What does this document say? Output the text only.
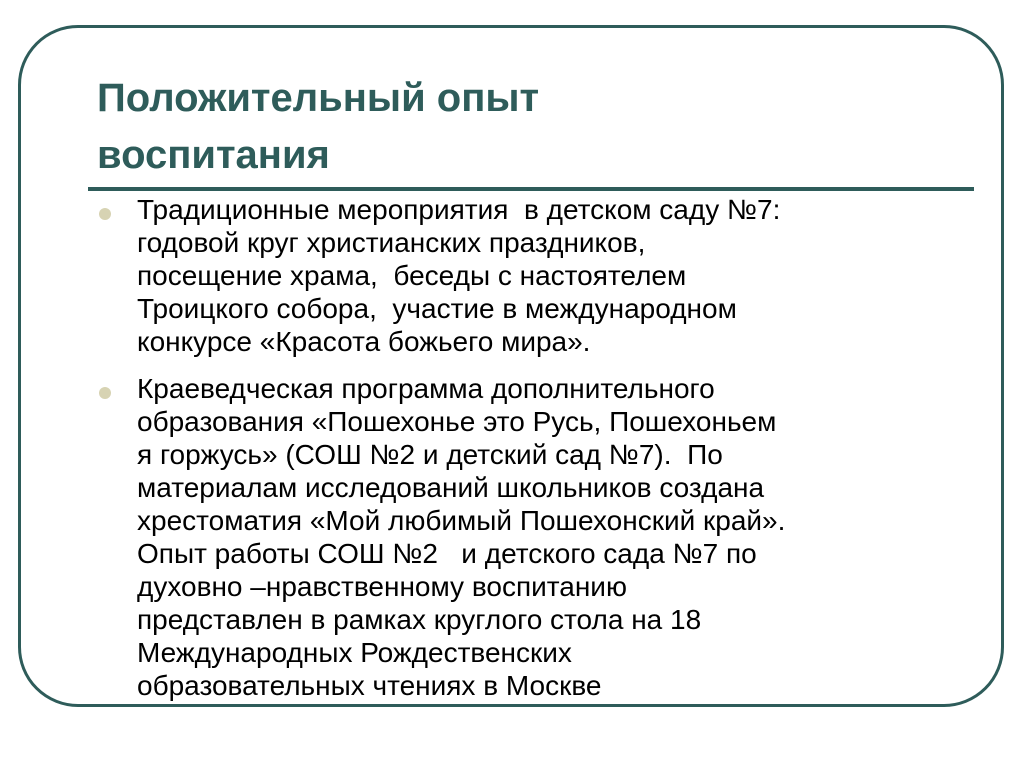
Положительный опыт
воспитания
Традиционные мероприятия  в детском саду №7:
годовой круг христианских праздников,
посещение храма,  беседы с настоятелем
Троицкого собора,  участие в международном
конкурсе «Красота божьего мира».
Краеведческая программа дополнительного
образования «Пошехонье это Русь, Пошехоньем
я горжусь» (СОШ №2 и детский сад №7).  По
материалам исследований школьников создана
хрестоматия «Мой любимый Пошехонский край».
Опыт работы СОШ №2   и детского сада №7 по
духовно –нравственному воспитанию
представлен в рамках круглого стола на 18
Международных Рождественских
образовательных чтениях в Москве
